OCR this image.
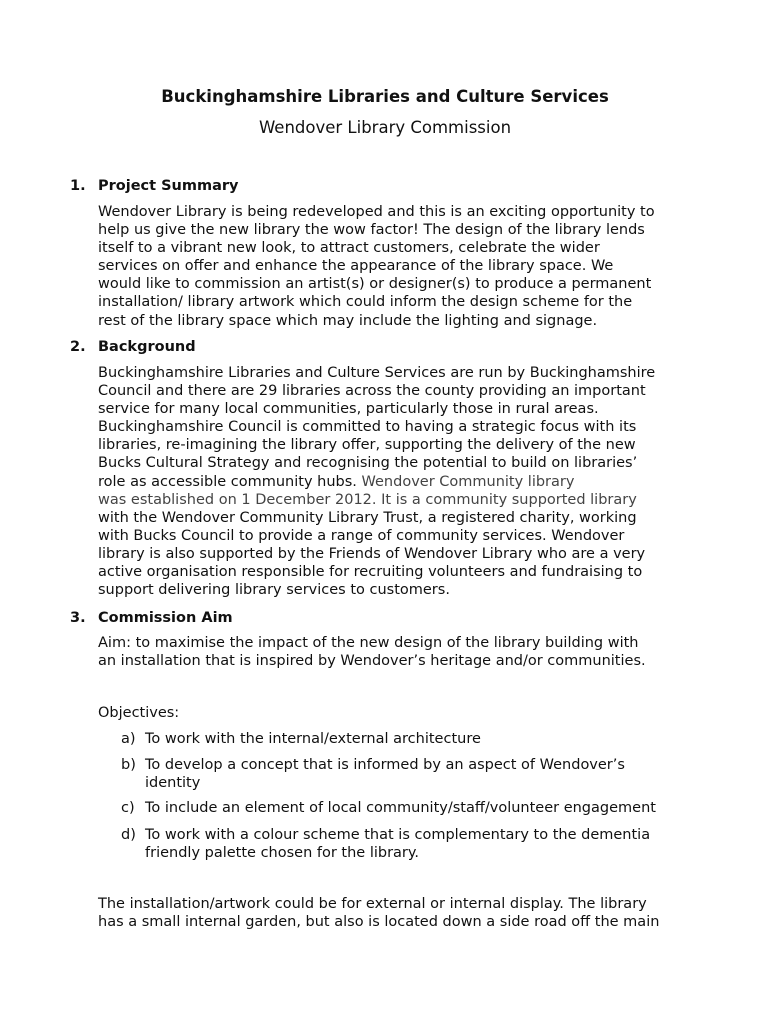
Buckinghamshire Libraries and Culture Services
Wendover Library Commission
1. Project Summary
Wendover Library is being redeveloped and this is an exciting opportunity to
help us give the new library the wow factor! The design of the library lends
itself to a vibrant new look, to attract customers, celebrate the wider
services on offer and enhance the appearance of the library space. We
would like to commission an artist(s) or designer(s) to produce a permanent
installation/ library artwork which could inform the design scheme for the
rest of the library space which may include the lighting and signage.
2. Background
Buckinghamshire Libraries and Culture Services are run by Buckinghamshire
Council and there are 29 libraries across the county providing an important
service for many local communities, particularly those in rural areas.
Buckinghamshire Council is committed to having a strategic focus with its
libraries, re-imagining the library offer, supporting the delivery of the new
Bucks Cultural Strategy and recognising the potential to build on libraries’
role as accessible community hubs. Wendover Community library
was established on 1 December 2012. It is a community supported library
with the Wendover Community Library Trust, a registered charity, working
with Bucks Council to provide a range of community services. Wendover
library is also supported by the Friends of Wendover Library who are a very
active organisation responsible for recruiting volunteers and fundraising to
support delivering library services to customers.
3. Commission Aim
Aim: to maximise the impact of the new design of the library building with
an installation that is inspired by Wendover’s heritage and/or communities.
Objectives:
a) To work with the internal/external architecture
b) To develop a concept that is informed by an aspect of Wendover’s
identity
c) To include an element of local community/staff/volunteer engagement
d) To work with a colour scheme that is complementary to the dementia
friendly palette chosen for the library.
The installation/artwork could be for external or internal display. The library
has a small internal garden, but also is located down a side road off the main
